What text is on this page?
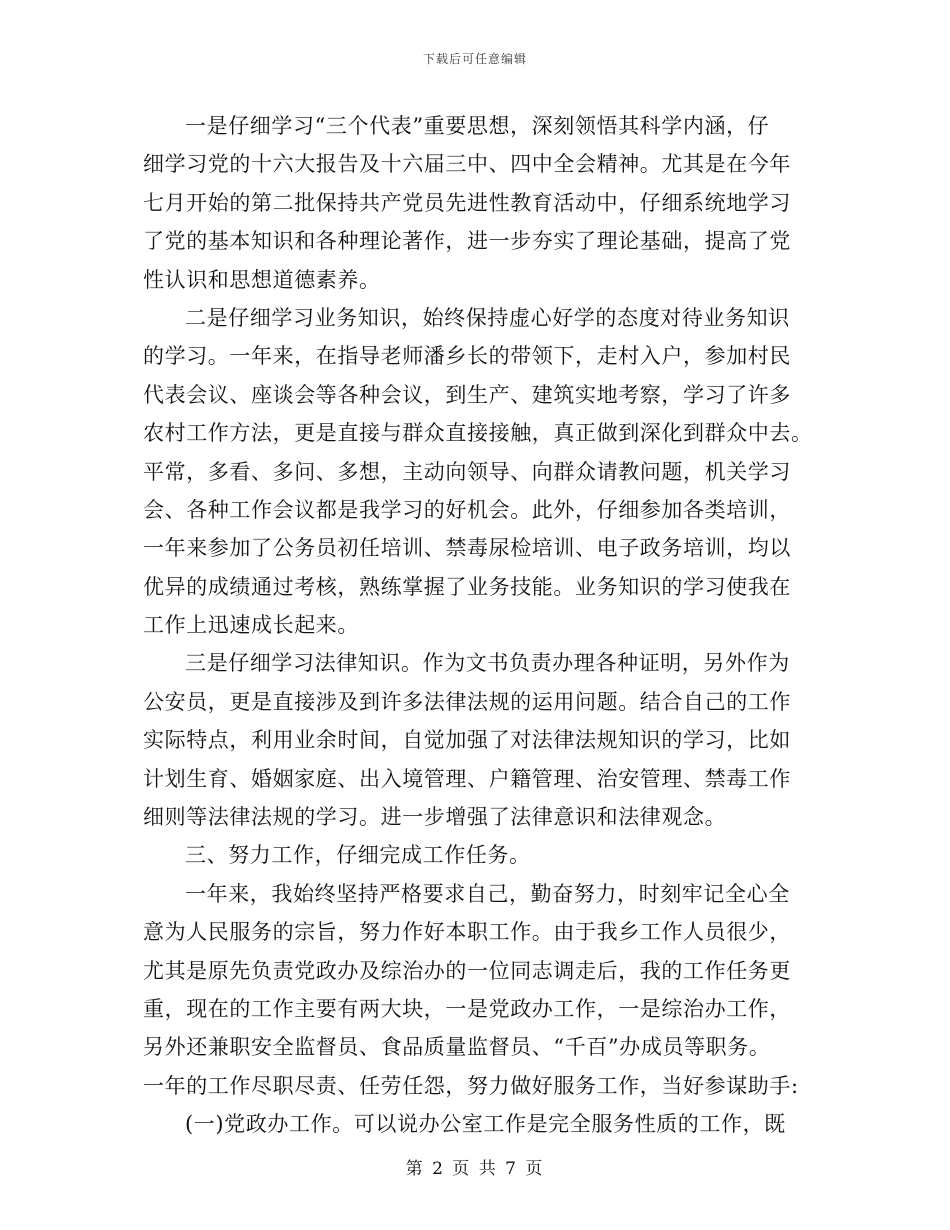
下载后可任意编辑
一是仔细学习“三个代表”重要思想，深刻领悟其科学内涵，仔
细学习党的十六大报告及十六届三中、四中全会精神。尤其是在今年
七月开始的第二批保持共产党员先进性教育活动中，仔细系统地学习
了党的基本知识和各种理论著作，进一步夯实了理论基础，提高了党
性认识和思想道德素养。
二是仔细学习业务知识，始终保持虚心好学的态度对待业务知识
的学习。一年来，在指导老师潘乡长的带领下，走村入户，参加村民
代表会议、座谈会等各种会议，到生产、建筑实地考察，学习了许多
农村工作方法，更是直接与群众直接接触，真正做到深化到群众中去。
平常，多看、多问、多想，主动向领导、向群众请教问题，机关学习
会、各种工作会议都是我学习的好机会。此外，仔细参加各类培训，
一年来参加了公务员初任培训、禁毒尿检培训、电子政务培训，均以
优异的成绩通过考核，熟练掌握了业务技能。业务知识的学习使我在
工作上迅速成长起来。
三是仔细学习法律知识。作为文书负责办理各种证明，另外作为
公安员，更是直接涉及到许多法律法规的运用问题。结合自己的工作
实际特点，利用业余时间，自觉加强了对法律法规知识的学习，比如
计划生育、婚姻家庭、出入境管理、户籍管理、治安管理、禁毒工作
细则等法律法规的学习。进一步增强了法律意识和法律观念。
三、努力工作，仔细完成工作任务。
一年来，我始终坚持严格要求自己，勤奋努力，时刻牢记全心全
意为人民服务的宗旨，努力作好本职工作。由于我乡工作人员很少，
尤其是原先负责党政办及综治办的一位同志调走后，我的工作任务更
重，现在的工作主要有两大块，一是党政办工作，一是综治办工作，
另外还兼职安全监督员、食品质量监督员、“千百”办成员等职务。
一年的工作尽职尽责、任劳任怨，努力做好服务工作，当好参谋助手:
(一)党政办工作。可以说办公室工作是完全服务性质的工作，既
第 2 页 共 7 页
